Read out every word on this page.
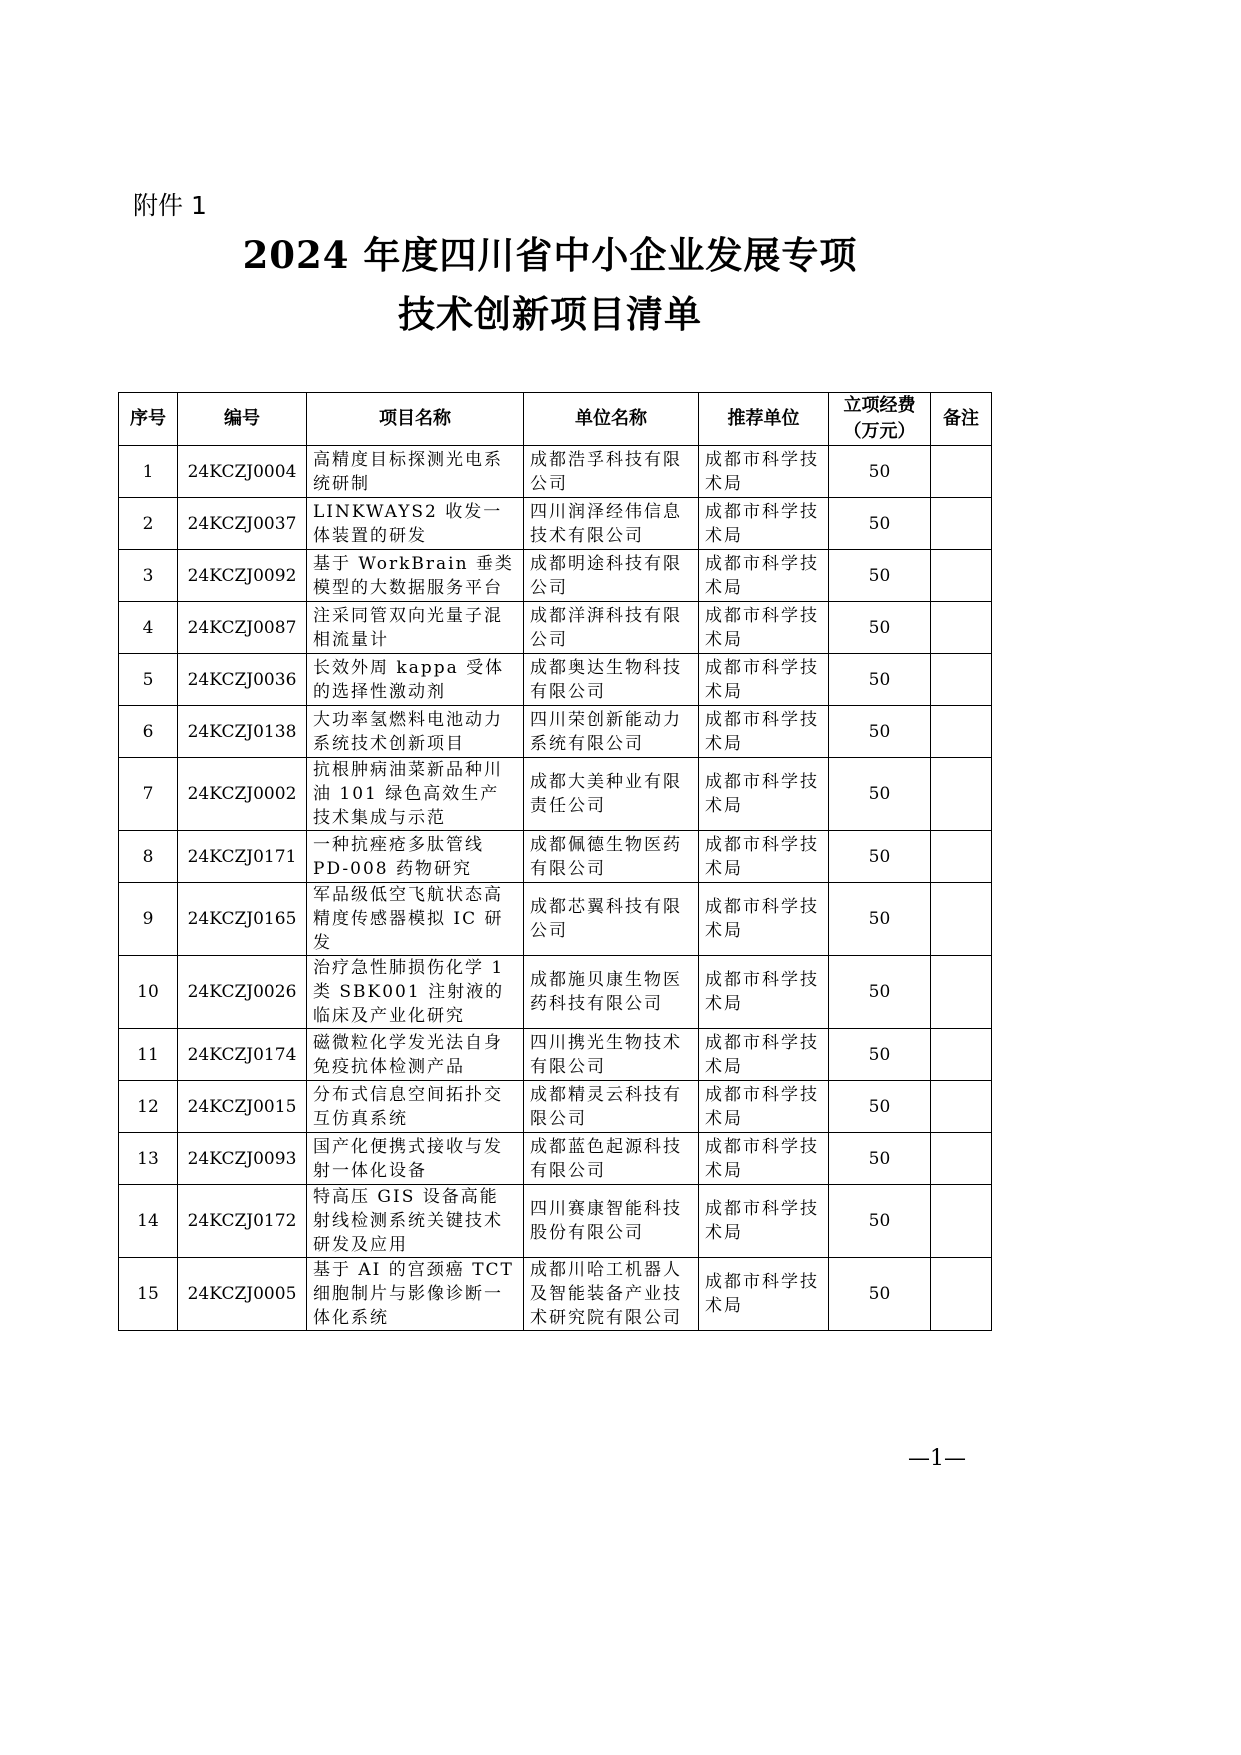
附件 1
2024 年度四川省中小企业发展专项
技术创新项目清单
序号	编号	项目名称	单位名称	推荐单位	立项经费（万元）	备注
1	24KCZJ0004	高精度目标探测光电系统研制	成都浩孚科技有限公司	成都市科学技术局	50	
2	24KCZJ0037	LINKWAYS2 收发一体装置的研发	四川润泽经伟信息技术有限公司	成都市科学技术局	50	
3	24KCZJ0092	基于 WorkBrain 垂类模型的大数据服务平台	成都明途科技有限公司	成都市科学技术局	50	
4	24KCZJ0087	注采同管双向光量子混相流量计	成都洋湃科技有限公司	成都市科学技术局	50	
5	24KCZJ0036	长效外周 kappa 受体的选择性激动剂	成都奥达生物科技有限公司	成都市科学技术局	50	
6	24KCZJ0138	大功率氢燃料电池动力系统技术创新项目	四川荣创新能动力系统有限公司	成都市科学技术局	50	
7	24KCZJ0002	抗根肿病油菜新品种川油 101 绿色高效生产技术集成与示范	成都大美种业有限责任公司	成都市科学技术局	50	
8	24KCZJ0171	一种抗痤疮多肽管线 PD-008 药物研究	成都佩德生物医药有限公司	成都市科学技术局	50	
9	24KCZJ0165	军品级低空飞航状态高精度传感器模拟 IC 研发	成都芯翼科技有限公司	成都市科学技术局	50	
10	24KCZJ0026	治疗急性肺损伤化学 1 类 SBK001 注射液的临床及产业化研究	成都施贝康生物医药科技有限公司	成都市科学技术局	50	
11	24KCZJ0174	磁微粒化学发光法自身免疫抗体检测产品	四川携光生物技术有限公司	成都市科学技术局	50	
12	24KCZJ0015	分布式信息空间拓扑交互仿真系统	成都精灵云科技有限公司	成都市科学技术局	50	
13	24KCZJ0093	国产化便携式接收与发射一体化设备	成都蓝色起源科技有限公司	成都市科学技术局	50	
14	24KCZJ0172	特高压 GIS 设备高能射线检测系统关键技术研发及应用	四川赛康智能科技股份有限公司	成都市科学技术局	50	
15	24KCZJ0005	基于 AI 的宫颈癌 TCT 细胞制片与影像诊断一体化系统	成都川哈工机器人及智能装备产业技术研究院有限公司	成都市科学技术局	50	
—1—
